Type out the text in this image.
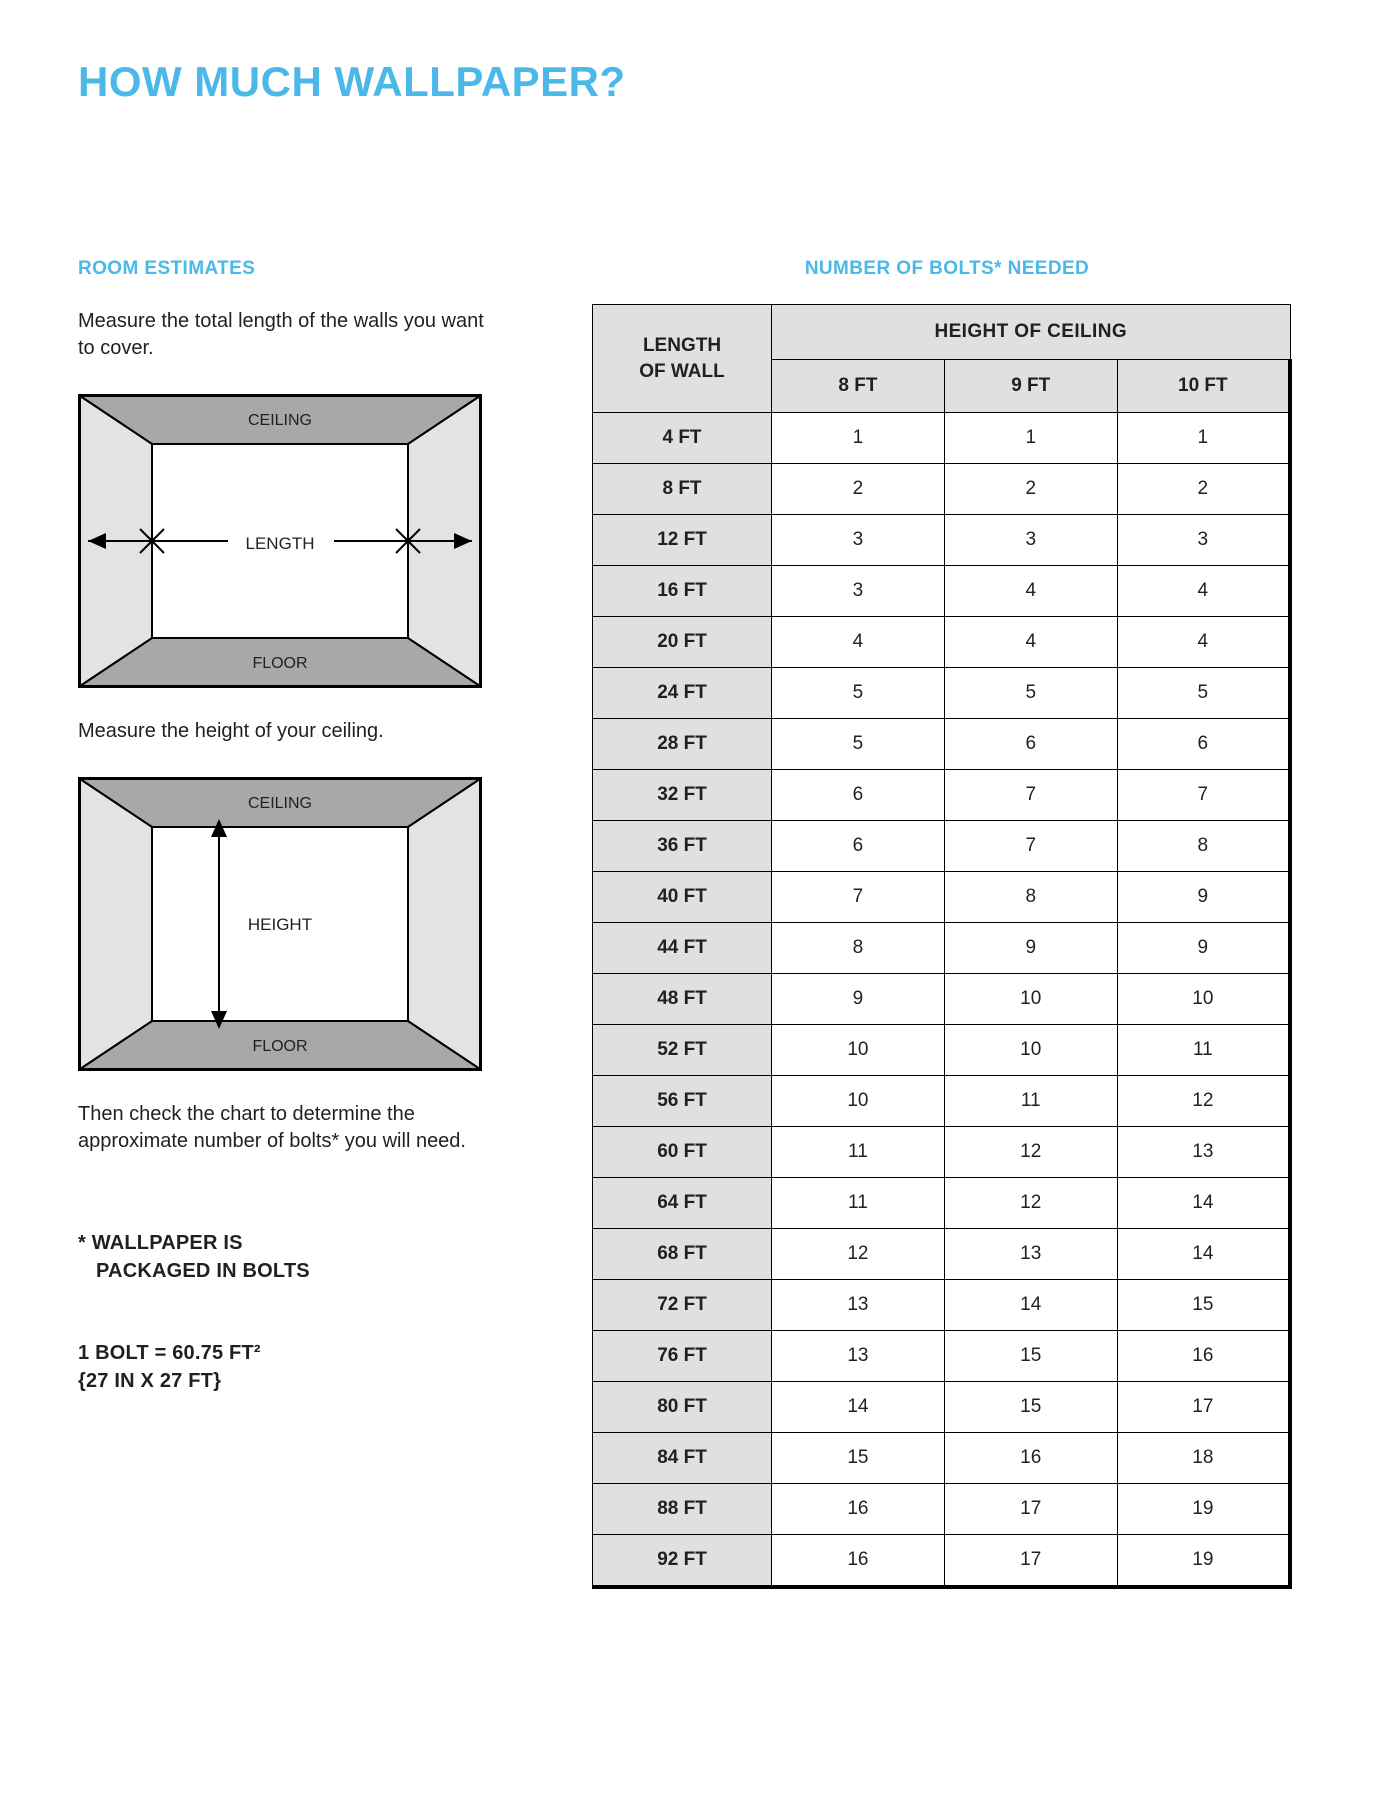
HOW MUCH WALLPAPER?
ROOM ESTIMATES

Measure the total length of the walls you want to cover.

CEILING
FLOOR
LENGTH

Measure the height of your ceiling.

CEILING
FLOOR
HEIGHT

Then check the chart to determine the approximate number of bolts* you will need.

* WALLPAPER IS

PACKAGED IN BOLTS

1 BOLT = 60.75 FT²

{27 IN X 27 FT}

NUMBER OF BOLTS* NEEDED
LENGTH
OF WALL	HEIGHT OF CEILING		
	8 FT	9 FT	10 FT
4 FT	1	1	1
8 FT	2	2	2
12 FT	3	3	3
16 FT	3	4	4
20 FT	4	4	4
24 FT	5	5	5
28 FT	5	6	6
32 FT	6	7	7
36 FT	6	7	8
40 FT	7	8	9
44 FT	8	9	9
48 FT	9	10	10
52 FT	10	10	11
56 FT	10	11	12
60 FT	11	12	13
64 FT	11	12	14
68 FT	12	13	14
72 FT	13	14	15
76 FT	13	15	16
80 FT	14	15	17
84 FT	15	16	18
88 FT	16	17	19
92 FT	16	17	19
